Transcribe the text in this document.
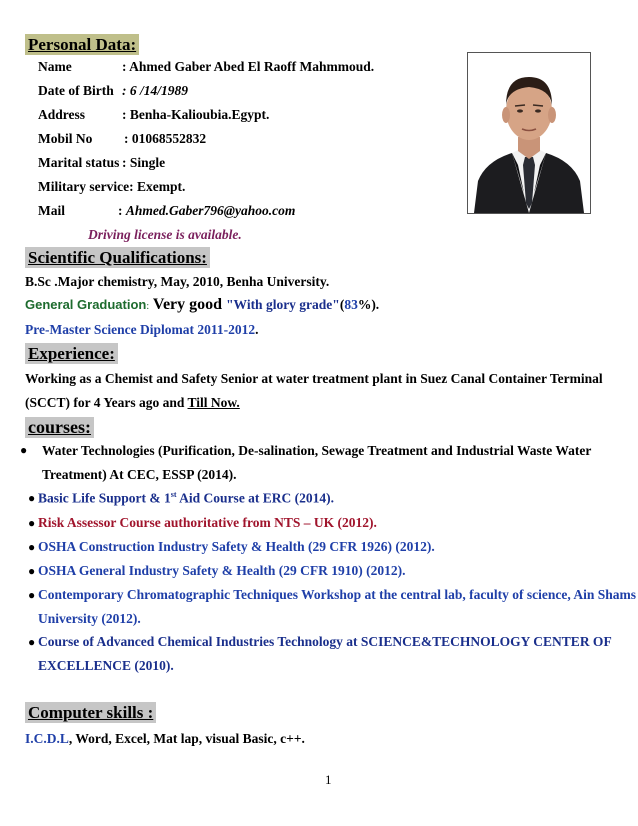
Personal Data:
Name	: Ahmed Gaber Abed El Raoff Mahmmoud.
Date of Birth : 6 /14/1989
Address	: Benha-Kalioubia.Egypt.
Mobil No : 01068552832
Marital status : Single
Military service: Exempt.
Mail	: Ahmed.Gaber796@yahoo.com
Driving license is available.
Scientific Qualifications:
B.Sc .Major chemistry, May, 2010, Benha University.
General Graduation: Very good "With glory grade"(83%).
Pre-Master Science Diplomat 2011-2012.
Experience:
Working as a Chemist and Safety Senior at water treatment plant in Suez Canal Container Terminal
(SCCT) for 4 Years ago and Till Now.
courses:
● Water Technologies (Purification, De-salination, Sewage Treatment and Industrial Waste Water
Treatment) At CEC, ESSP (2014).
● Basic Life Support & 1st Aid Course at ERC (2014).
● Risk Assessor Course authoritative from NTS – UK (2012).
● OSHA Construction Industry Safety & Health (29 CFR 1926) (2012).
● OSHA General Industry Safety & Health (29 CFR 1910) (2012).
● Contemporary Chromatographic Techniques Workshop at the central lab, faculty of science, Ain Shams
University (2012).
● Course of Advanced Chemical Industries Technology at SCIENCE&TECHNOLOGY CENTER OF
EXCELLENCE (2010).
Computer skills :
I.C.D.L, Word, Excel, Mat lap, visual Basic, c++.
1
